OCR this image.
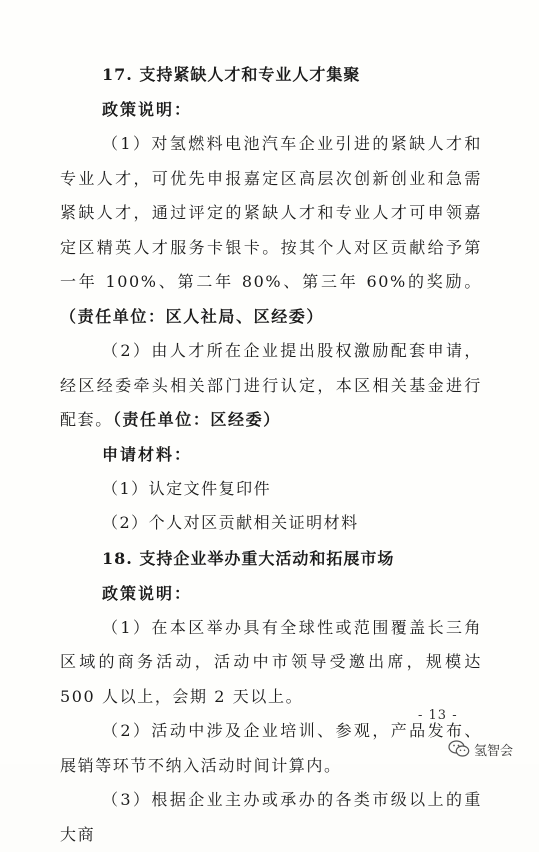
17. 支持紧缺人才和专业人才集聚
政策说明：

（1）对氢燃料电池汽车企业引进的紧缺人才和专业人才，可优先申报嘉定区高层次创新创业和急需紧缺人才，通过评定的紧缺人才和专业人才可申领嘉定区精英人才服务卡银卡。按其个人对区贡献给予第一年 100%、第二年 80%、第三年 60%的奖励。（责任单位：区人社局、区经委）

（2）由人才所在企业提出股权激励配套申请，经区经委牵头相关部门进行认定，本区相关基金进行配套。（责任单位：区经委）

申请材料：
（1）认定文件复印件
（2）个人对区贡献相关证明材料
18. 支持企业举办重大活动和拓展市场
政策说明：

（1）在本区举办具有全球性或范围覆盖长三角区域的商务活动，活动中市领导受邀出席，规模达 500 人以上，会期 2 天以上。

（2）活动中涉及企业培训、参观，产品发布、展销等环节不纳入活动时间计算内。

（3）根据企业主办或承办的各类市级以上的重大商

- 13 -
氢智会
